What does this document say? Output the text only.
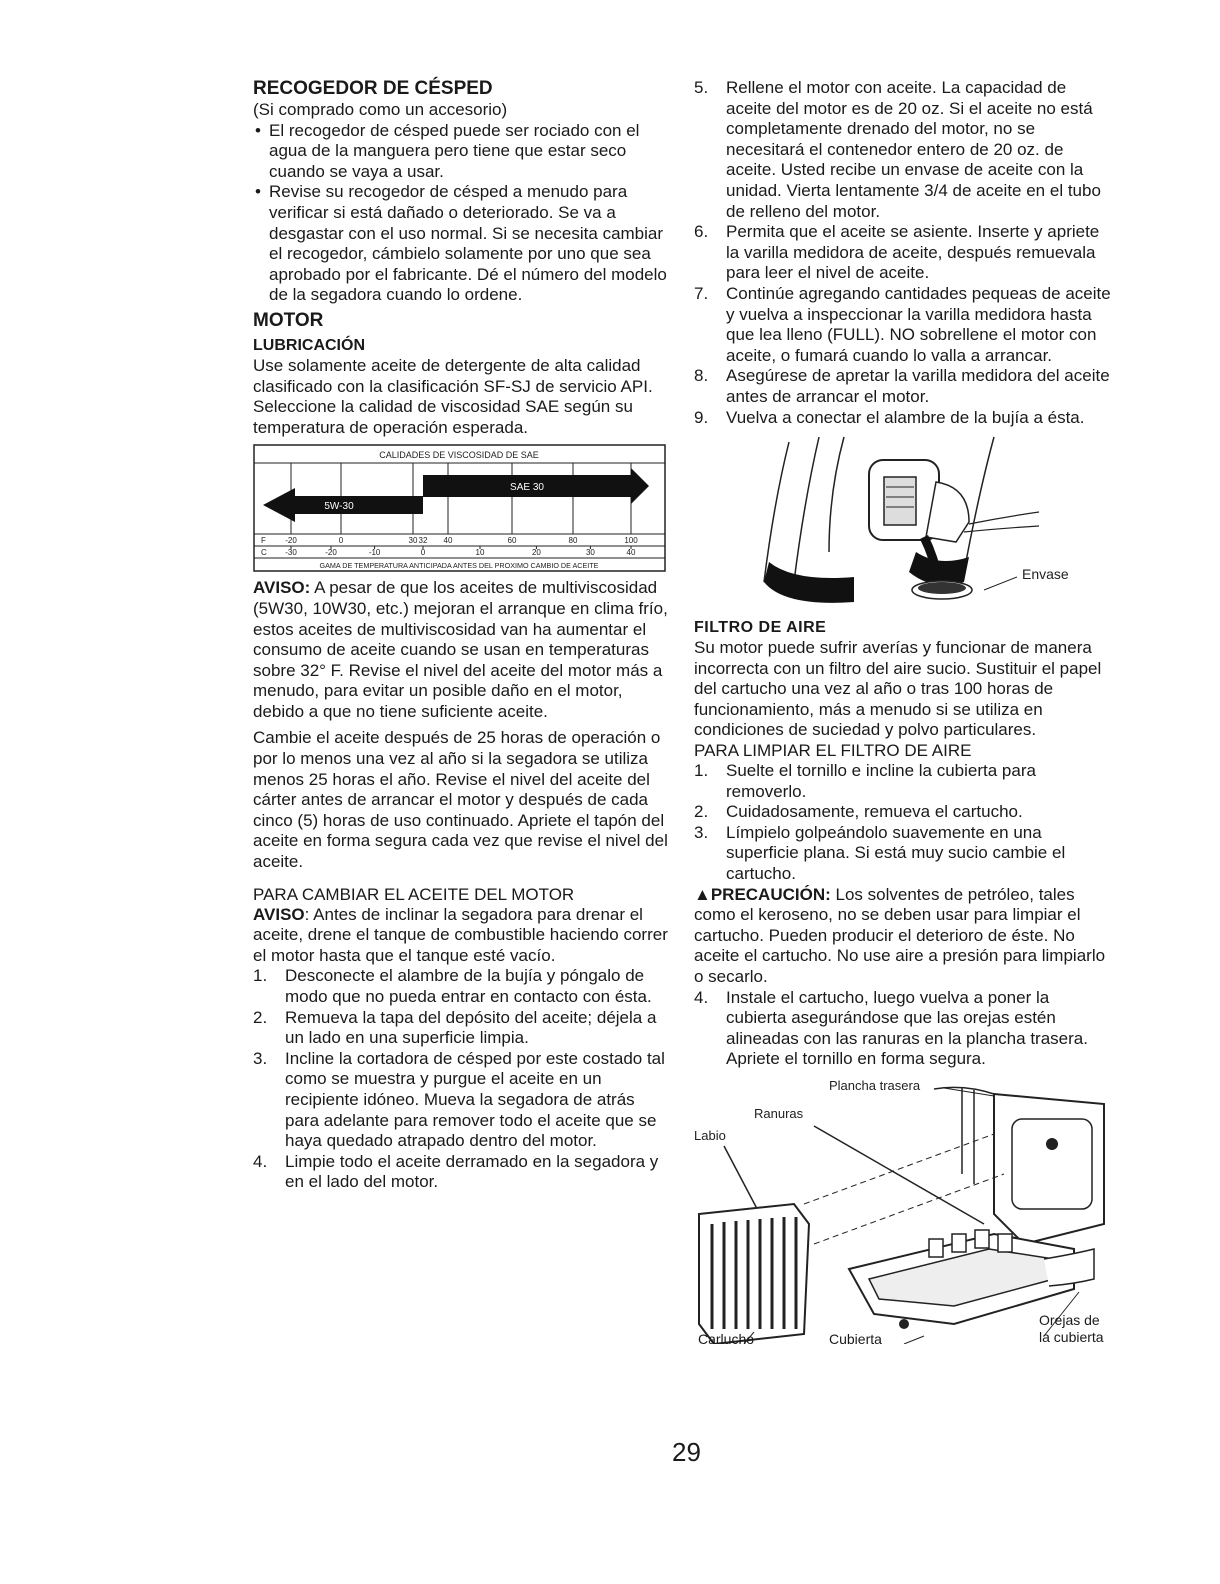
RECOGEDOR DE CÉSPED

(Si comprado como un accesorio)

• El recogedor de césped puede ser rociado con el agua de la manguera pero tiene que estar seco cuando se vaya a usar.
• Revise su recogedor de césped a menudo para verificar si está dañado o deteriorado. Se va a desgastar con el uso normal. Si se necesita cambiar el recogedor, cámbielo solamente por uno que sea aprobado por el fabricante. Dé el número del modelo de la segadora cuando lo ordene.
MOTOR
LUBRICACIÓN

Use solamente aceite de detergente de alta calidad clasificado con la clasificación SF-SJ de servicio API. Seleccione la calidad de viscosidad SAE según su temperatura de operación esperada.

CALIDADES DE VISCOSIDAD DE SAE
SAE 30
5W-30
F -20	0	30 32 40	60	80	100
C -30	-20	-10	0	10	20	30	40
GAMA DE TEMPERATURA ANTICIPADA ANTES DEL PROXIMO CAMBIO DE ACEITE

AVISO: A pesar de que los aceites de multiviscosidad (5W30, 10W30, etc.) mejoran el arranque en clima frío, estos aceites de multiviscosidad van ha aumentar el consumo de aceite cuando se usan en temperaturas sobre 32° F. Revise el nivel del aceite del motor más a menudo, para evitar un posible daño en el motor, debido a que no tiene suficiente aceite.

Cambie el aceite después de 25 horas de operación o por lo menos una vez al año si la segadora se utiliza menos 25 horas el año. Revise el nivel del aceite del cárter antes de arrancar el motor y después de cada cinco (5) horas de uso continuado. Apriete el tapón del aceite en forma segura cada vez que revise el nivel del aceite.

PARA CAMBIAR EL ACEITE DEL MOTOR

AVISO: Antes de inclinar la segadora para drenar el aceite, drene el tanque de combustible haciendo correr el motor hasta que el tanque esté vacío.

1. Desconecte el alambre de la bujía y póngalo de modo que no pueda entrar en contacto con ésta.
2. Remueva la tapa del depósito del aceite; déjela a un lado en una superficie limpia.
3. Incline la cortadora de césped por este costado tal como se muestra y purgue el aceite en un recipiente idóneo. Mueva la segadora de atrás para adelante para remover todo el aceite que se haya quedado atrapado dentro del motor.
4. Limpie todo el aceite derramado en la segadora y en el lado del motor.
5. Rellene el motor con aceite. La capacidad de aceite del motor es de 20 oz. Si el aceite no está completamente drenado del motor, no se necesitará el contenedor entero de 20 oz. de aceite. Usted recibe un envase de aceite con la unidad. Vierta lentamente 3/4 de aceite en el tubo de relleno del motor.
6. Permita que el aceite se asiente. Inserte y apriete la varilla medidora de aceite, después remuevala para leer el nivel de aceite.
7. Continúe agregando cantidades pequeas de aceite y vuelva a inspeccionar la varilla medidora hasta que lea lleno (FULL). NO sobrellene el motor con aceite, o fumará cuando lo valla a arrancar.
8. Asegúrese de apretar la varilla medidora del aceite antes de arrancar el motor.
9. Vuelva a conectar el alambre de la bujía a ésta.
Envase
FILTRO DE AIRE

Su motor puede sufrir averías y funcionar de manera incorrecta con un filtro del aire sucio. Sustituir el papel del cartucho una vez al año o tras 100 horas de funcionamiento, más a menudo si se utiliza en condiciones de suciedad y polvo particulares.

PARA LIMPIAR EL FILTRO DE AIRE
1. Suelte el tornillo e incline la cubierta para removerlo.
2. Cuidadosamente, remueva el cartucho.
3. Límpielo golpeándolo suavemente en una superficie plana. Si está muy sucio cambie el cartucho.

▲PRECAUCIÓN: Los solventes de petróleo, tales como el keroseno, no se deben usar para limpiar el cartucho. Pueden producir el deterioro de éste. No aceite el cartucho. No use aire a presión para limpiarlo o secarlo.

4. Instale el cartucho, luego vuelva a poner la cubierta asegurándose que las orejas estén alineadas con las ranuras en la plancha trasera. Apriete el tornillo en forma segura.
Plancha trasera
Ranuras
Labio
Carlucho	Cubierta
Orejas de
la cubierta
29
